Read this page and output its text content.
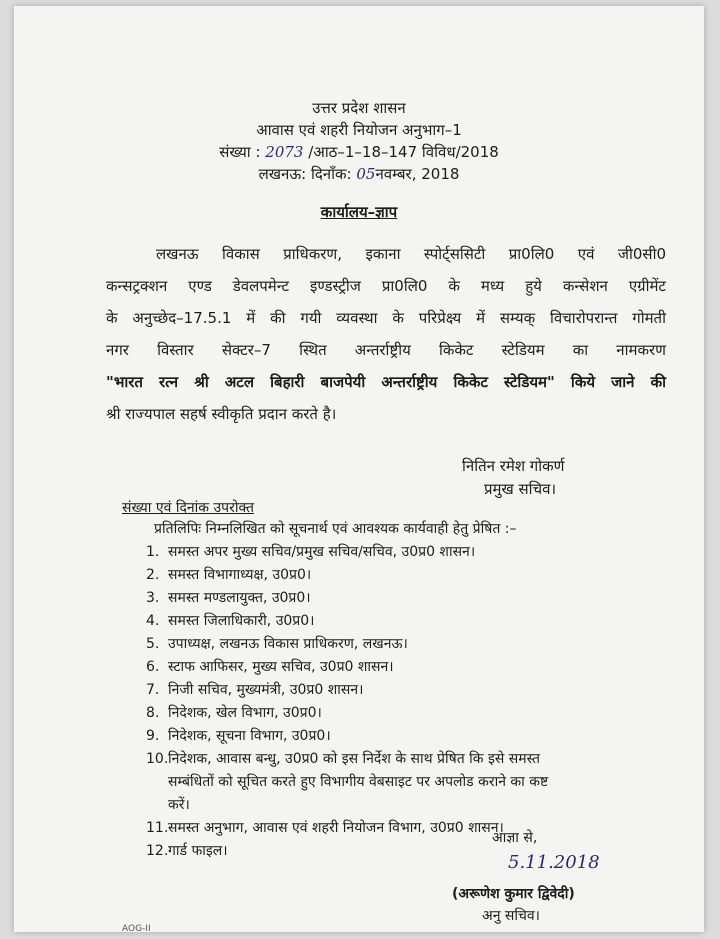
उत्तर प्रदेश शासन
आवास एवं शहरी नियोजन अनुभाग–1
संख्या : 2073 /आठ–1–18–147 विविध/2018
लखनऊ: दिनॉंक: 05नवम्बर, 2018
कार्यालय–ज्ञाप
लखनऊ विकास प्राधिकरण, इकाना स्पोर्ट्ससिटी प्रा0लि0 एवं जी0सी0
कन्सट्रक्शन एण्ड डेवलपमेन्ट इण्डस्ट्रीज प्रा0लि0 के मध्य हुये कन्सेशन एग्रीमेंट
के अनुच्छेद–17.5.1 में की गयी व्यवस्था के परिप्रेक्ष्य में सम्यक् विचारोपरान्त गोमती
नगर विस्तार सेक्टर–7 स्थित अन्तर्राष्ट्रीय किकेट स्टेडियम का नामकरण
"भारत रत्न श्री अटल बिहारी बाजपेयी अन्तर्राष्ट्रीय किकेट स्टेडियम" किये जाने की
श्री राज्यपाल सहर्ष स्वीकृति प्रदान करते है।
नितिन रमेश गोकर्ण
प्रमुख सचिव।
संख्या एवं दिनांक उपरोक्त
प्रतिलिपिः निम्नलिखित को सूचनार्थ एवं आवश्यक कार्यवाही हेतु प्रेषित :–
1. समस्त अपर मुख्य सचिव/प्रमुख सचिव/सचिव, उ0प्र0 शासन।
2. समस्त विभागाध्यक्ष, उ0प्र0।
3. समस्त मण्डलायुक्त, उ0प्र0।
4. समस्त जिलाधिकारी, उ0प्र0।
5. उपाध्यक्ष, लखनऊ विकास प्राधिकरण, लखनऊ।
6. स्टाफ आफिसर, मुख्य सचिव, उ0प्र0 शासन।
7. निजी सचिव, मुख्यमंत्री, उ0प्र0 शासन।
8. निदेशक, खेल विभाग, उ0प्र0।
9. निदेशक, सूचना विभाग, उ0प्र0।
10.निदेशक, आवास बन्धु, उ0प्र0 को इस निर्देश के साथ प्रेषित कि इसे समस्त
सम्बंधितों को सूचित करते हुए विभागीय वेबसाइट पर अपलोड कराने का कष्ट
करें।
11.समस्त अनुभाग, आवास एवं शहरी नियोजन विभाग, उ0प्र0 शासन।
12.गार्ड फाइल।
आज्ञा से,
5.11.2018
(अरूणेश कुमार द्विवेदी)
अनु सचिव।
AOG-II
